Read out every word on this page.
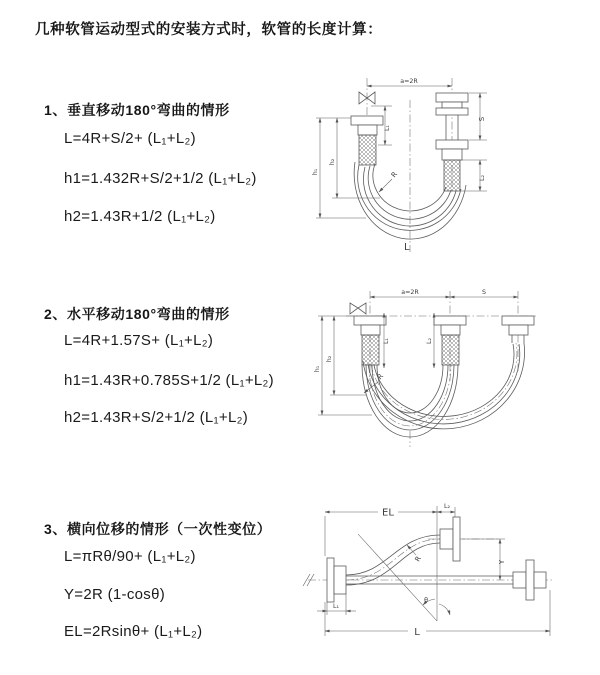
几种软管运动型式的安装方式时，软管的长度计算：
1、垂直移动180°弯曲的情形
L=4R+S/2+ (L₁+L₂)
h1=1.432R+S/2+1/2 (L₁+L₂)
h2=1.43R+1/2 (L₁+L₂)
2、水平移动180°弯曲的情形
L=4R+1.57S+ (L₁+L₂)
h1=1.43R+0.785S+1/2 (L₁+L₂)
h2=1.43R+S/2+1/2 (L₁+L₂)
3、横向位移的情形（一次性变位）
L=πRθ/90+ (L₁+L₂)
Y=2R (1-cosθ)
EL=2Rsinθ+ (L₁+L₂)
a=2R
S
L₂
L₁
h₁
h₂
R
L
a=2R	S
h₁
h₂
L₁	L₂
R
EL
L₂
Y
L
L₁
θ
R
